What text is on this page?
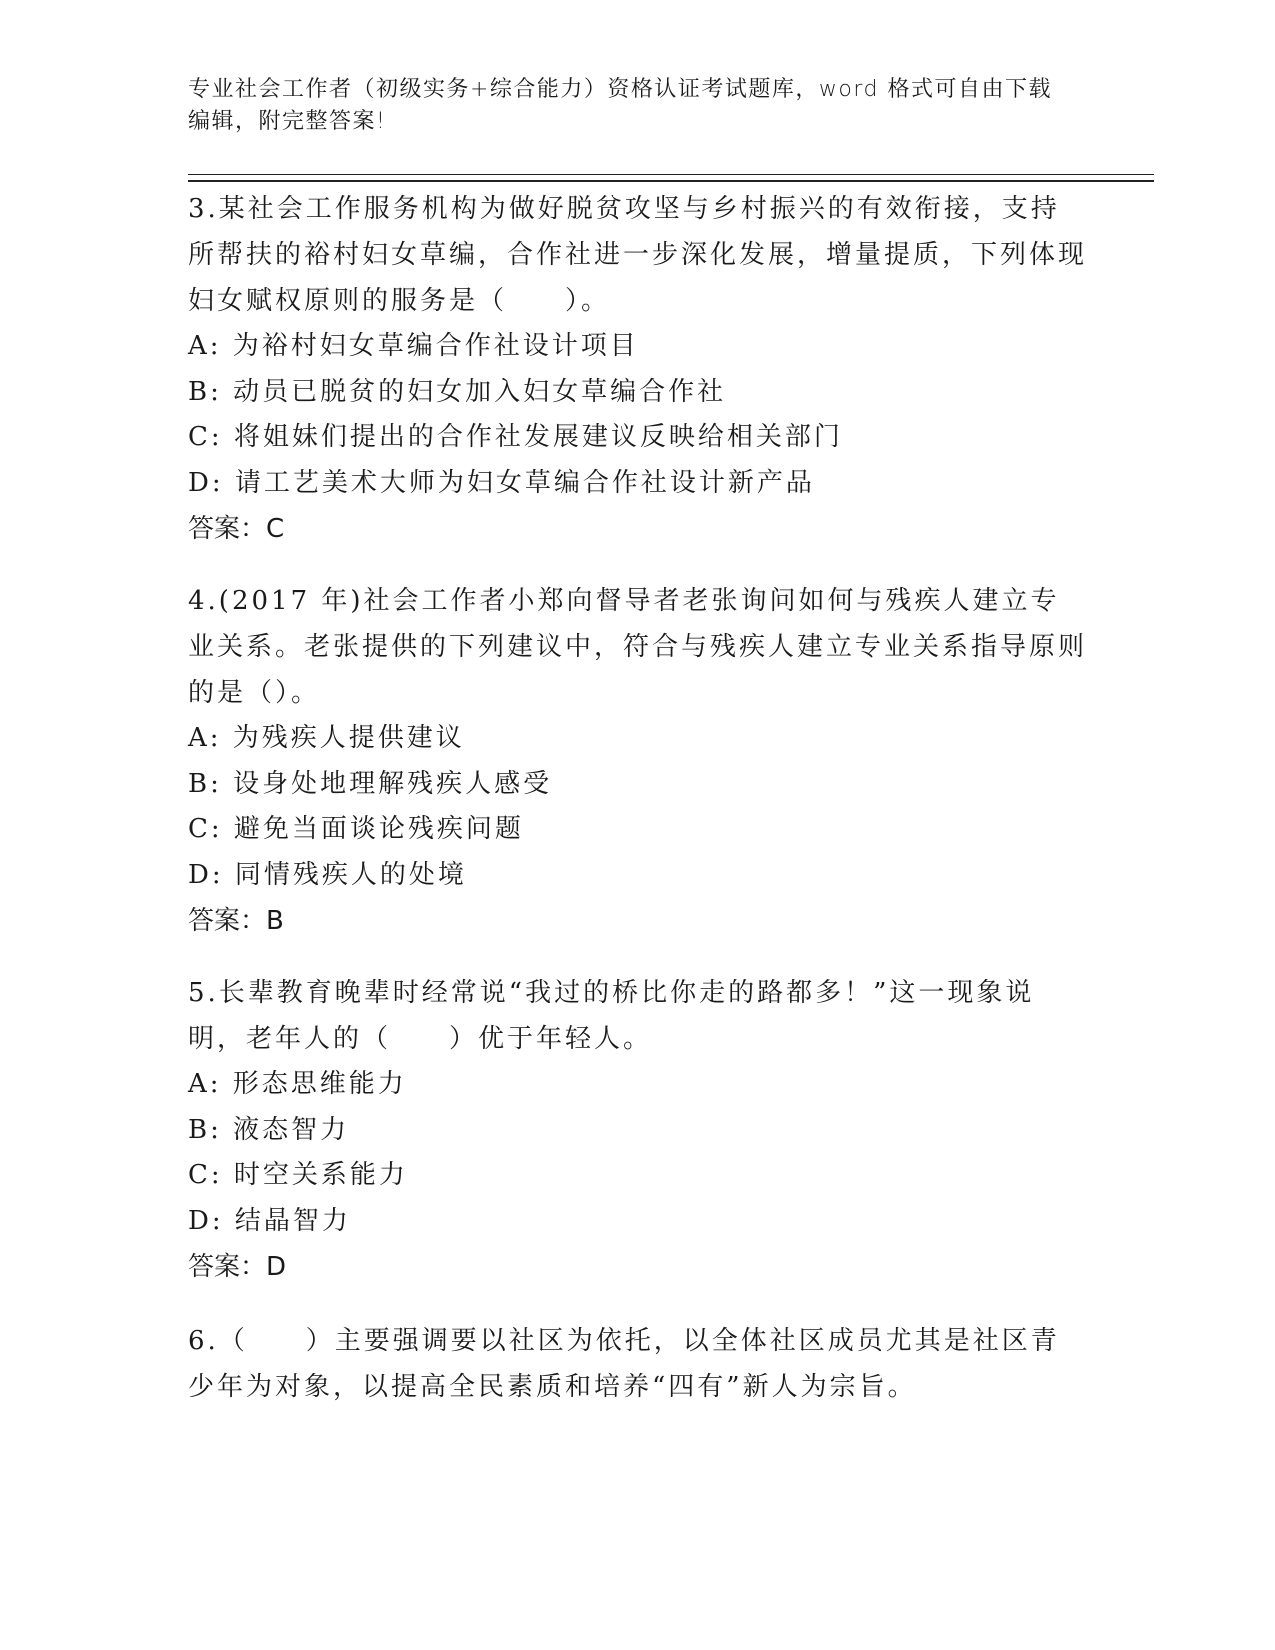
专业社会工作者（初级实务+综合能力）资格认证考试题库，word 格式可自由下载
编辑，附完整答案!

3.某社会工作服务机构为做好脱贫攻坚与乡村振兴的有效衔接，支持所帮扶的裕村妇女草编，合作社进一步深化发展，增量提质，下列体现妇女赋权原则的服务是（　　）。

A: 为裕村妇女草编合作社设计项目

B: 动员已脱贫的妇女加入妇女草编合作社

C: 将姐妹们提出的合作社发展建议反映给相关部门

D: 请工艺美术大师为妇女草编合作社设计新产品

答案：C

4.(2017 年)社会工作者小郑向督导者老张询问如何与残疾人建立专业关系。老张提供的下列建议中，符合与残疾人建立专业关系指导原则的是（）。

A: 为残疾人提供建议

B: 设身处地理解残疾人感受

C: 避免当面谈论残疾问题

D: 同情残疾人的处境

答案：B

5.长辈教育晚辈时经常说“我过的桥比你走的路都多！”这一现象说明，老年人的（　　）优于年轻人。

A: 形态思维能力

B: 液态智力

C: 时空关系能力

D: 结晶智力

答案：D

6.（　　）主要强调要以社区为依托，以全体社区成员尤其是社区青少年为对象，以提高全民素质和培养“四有”新人为宗旨。
